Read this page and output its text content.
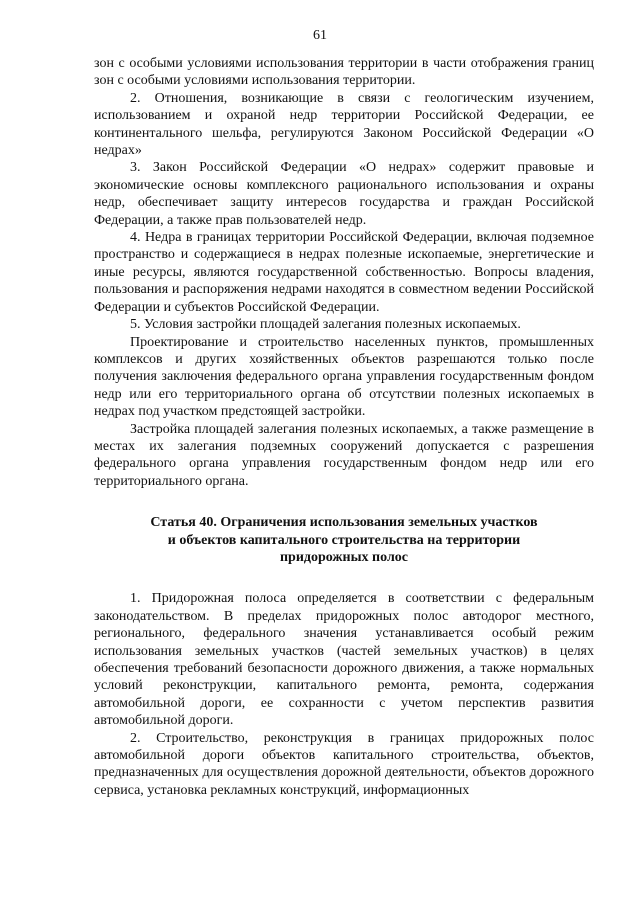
61

зон с особыми условиями использования территории в части отображения границ зон с особыми условиями использования территории.

2. Отношения, возникающие в связи с геологическим изучением, использованием и охраной недр территории Российской Федерации, ее континентального шельфа, регулируются Законом Российской Федерации «О недрах»

3. Закон Российской Федерации «О недрах» содержит правовые и экономические основы комплексного рационального использования и охраны недр, обеспечивает защиту интересов государства и граждан Российской Федерации, а также прав пользователей недр.

4. Недра в границах территории Российской Федерации, включая подземное пространство и содержащиеся в недрах полезные ископаемые, энергетические и иные ресурсы, являются государственной собственностью. Вопросы владения, пользования и распоряжения недрами находятся в совместном ведении Российской Федерации и субъектов Российской Федерации.

5. Условия застройки площадей залегания полезных ископаемых.

Проектирование и строительство населенных пунктов, промышленных комплексов и других хозяйственных объектов разрешаются только после получения заключения федерального органа управления государственным фондом недр или его территориального органа об отсутствии полезных ископаемых в недрах под участком предстоящей застройки.

Застройка площадей залегания полезных ископаемых, а также размещение в местах их залегания подземных сооружений допускается с разрешения федерального органа управления государственным фондом недр или его территориального органа.

Статья 40. Ограничения использования земельных участков
и объектов капитального строительства на территории
придорожных полос

1. Придорожная полоса определяется в соответствии с федеральным законодательством. В пределах придорожных полос автодорог местного, регионального, федерального значения устанавливается особый режим использования земельных участков (частей земельных участков) в целях обеспечения требований безопасности дорожного движения, а также нормальных условий реконструкции, капитального ремонта, ремонта, содержания автомобильной дороги, ее сохранности с учетом перспектив развития автомобильной дороги.

2. Строительство, реконструкция в границах придорожных полос автомобильной дороги объектов капитального строительства, объектов, предназначенных для осуществления дорожной деятельности, объектов дорожного сервиса, установка рекламных конструкций, информационных
